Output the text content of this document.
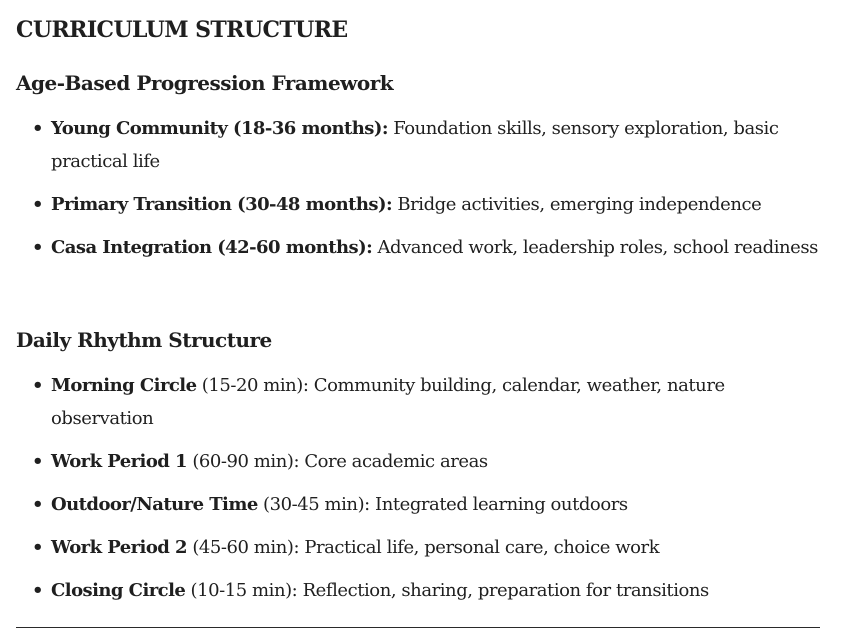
CURRICULUM STRUCTURE
Age-Based Progression Framework
• Young Community (18-36 months): Foundation skills, sensory exploration, basic practical life
• Primary Transition (30-48 months): Bridge activities, emerging independence
• Casa Integration (42-60 months): Advanced work, leadership roles, school readiness
Daily Rhythm Structure
• Morning Circle (15-20 min): Community building, calendar, weather, nature observation
• Work Period 1 (60-90 min): Core academic areas
• Outdoor/Nature Time (30-45 min): Integrated learning outdoors
• Work Period 2 (45-60 min): Practical life, personal care, choice work
• Closing Circle (10-15 min): Reflection, sharing, preparation for transitions
